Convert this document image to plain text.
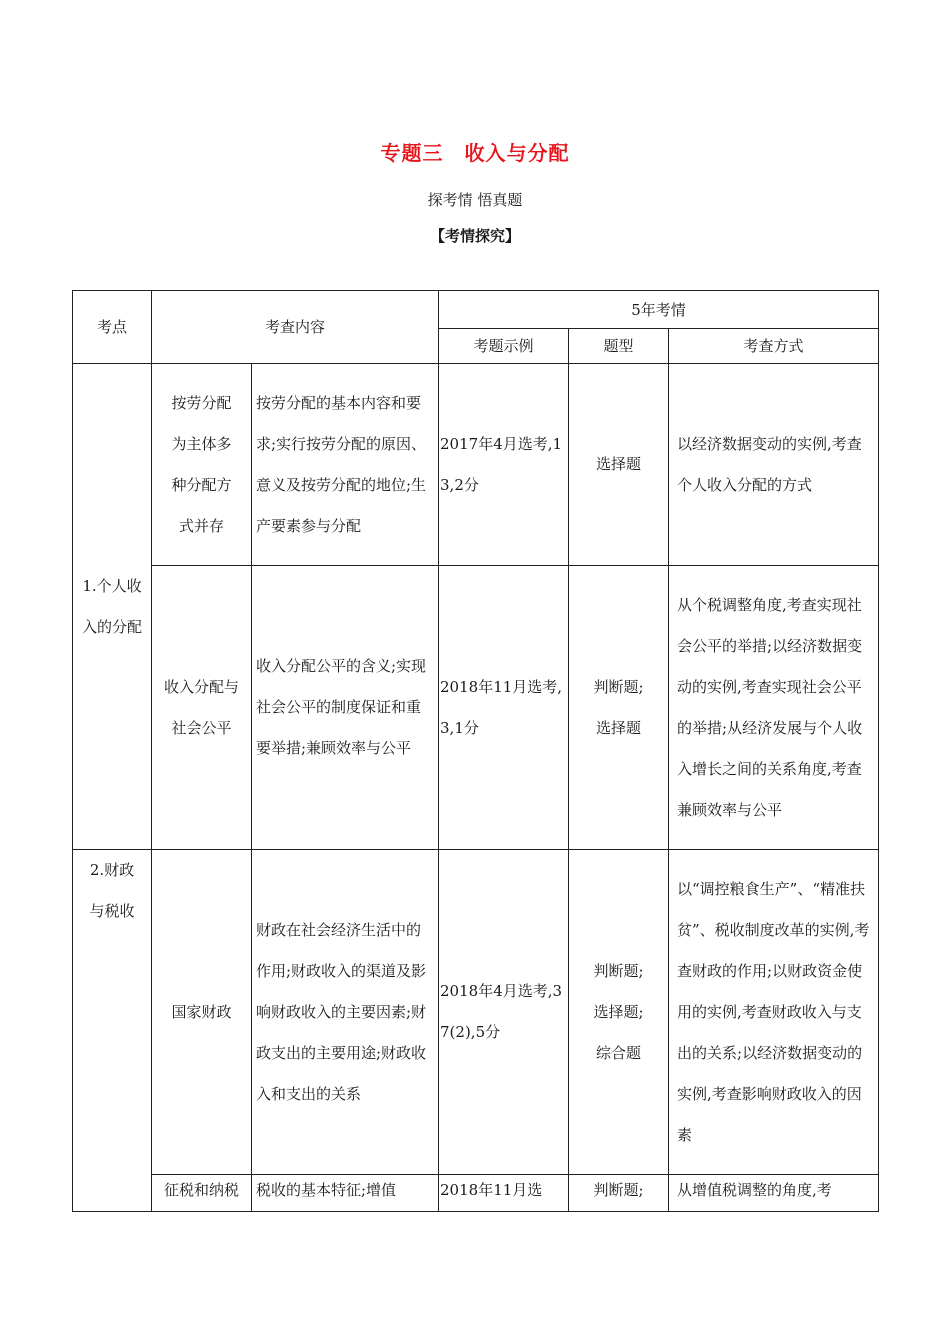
专题三　收入与分配
探考情 悟真题
【考情探究】
考点	考查内容		5年考情		
			考题示例	题型	考查方式
1.个人收入的分配	按劳分配为主体多种分配方式并存	按劳分配的基本内容和要求;实行按劳分配的原因、意义及按劳分配的地位;生产要素参与分配	2017年4月选考,13,2分	选择题	以经济数据变动的实例,考查个人收入分配的方式
	收入分配与社会公平	收入分配公平的含义;实现社会公平的制度保证和重要举措;兼顾效率与公平	2018年11月选考,3,1分	判断题;选择题	从个税调整角度,考查实现社会公平的举措;以经济数据变动的实例,考查实现社会公平的举措;从经济发展与个人收入增长之间的关系角度,考查兼顾效率与公平
2.财政与税收	国家财政	财政在社会经济生活中的作用;财政收入的渠道及影响财政收入的主要因素;财政支出的主要用途;财政收入和支出的关系	2018年4月选考,37(2),5分	判断题;选择题;综合题	以“调控粮食生产”、“精准扶贫”、税收制度改革的实例,考查财政的作用;以财政资金使用的实例,考查财政收入与支出的关系;以经济数据变动的实例,考查影响财政收入的因素
	征税和纳税	税收的基本特征;增值	2018年11月选	判断题;	从增值税调整的角度,考
